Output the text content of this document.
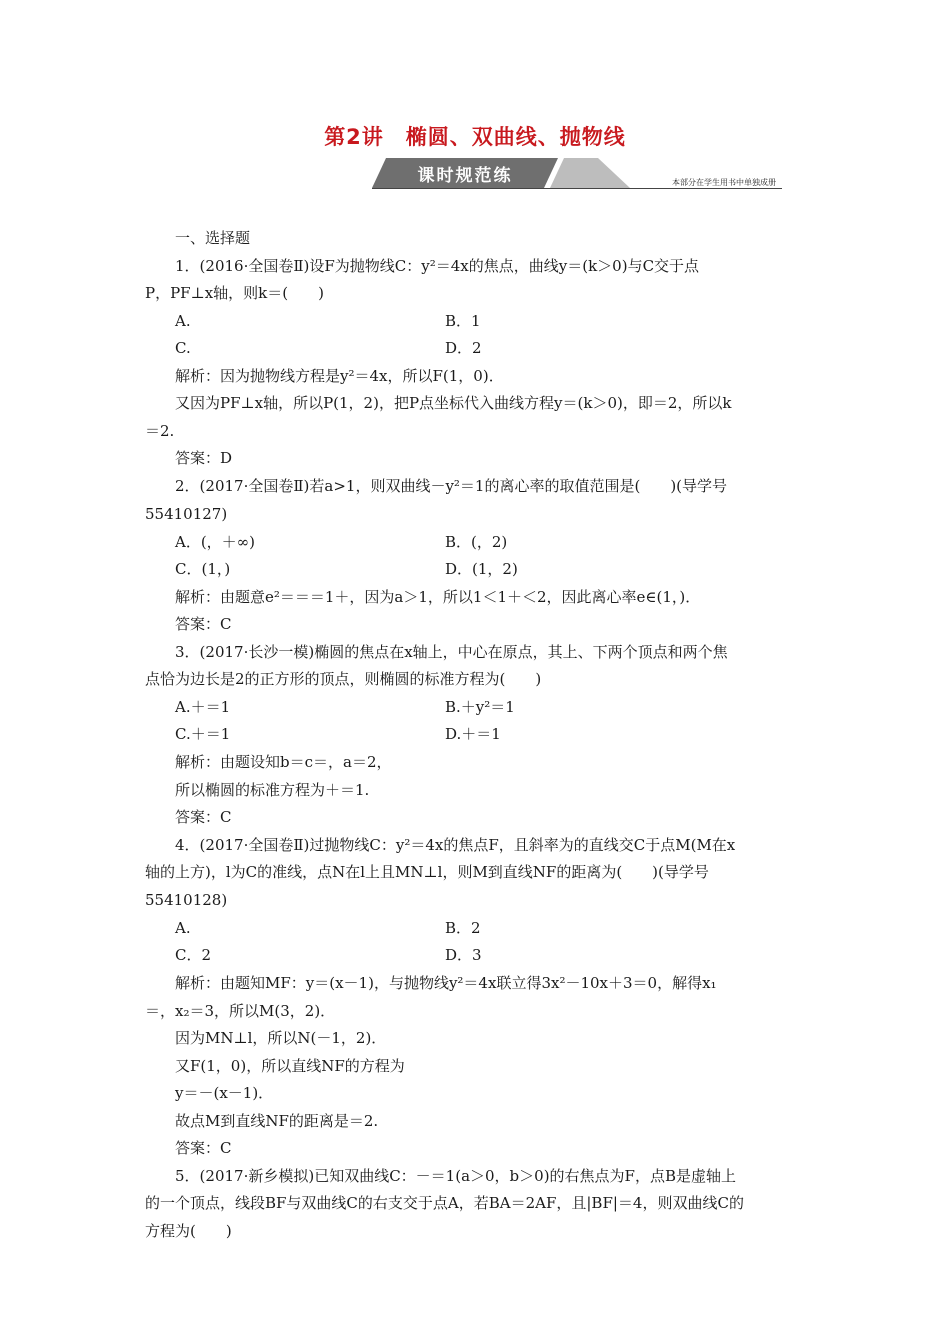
第2讲　椭圆、双曲线、抛物线
课时规范练	本部分在学生用书中单独成册
一、选择题
1．(2016·全国卷Ⅱ)设F为抛物线C：y²＝4x的焦点，曲线y＝(k＞0)与C交于点
P，PF⊥x轴，则k＝(　　)
A.	B．1
C.	D．2
解析：因为抛物线方程是y²＝4x，所以F(1，0)．
又因为PF⊥x轴，所以P(1，2)，把P点坐标代入曲线方程y＝(k＞0)，即＝2，所以k
＝2.
答案：D
2．(2017·全国卷Ⅱ)若a>1，则双曲线－y²＝1的离心率的取值范围是(　　)(导学号
55410127)
A．(，＋∞)	B．(，2)
C．(1，)	D．(1，2)
解析：由题意e²＝＝＝1＋，因为a＞1，所以1＜1＋＜2，因此离心率e∈(1，)．
答案：C
3．(2017·长沙一模)椭圆的焦点在x轴上，中心在原点，其上、下两个顶点和两个焦
点恰为边长是2的正方形的顶点，则椭圆的标准方程为(　　)
A.＋＝1	B.＋y²＝1
C.＋＝1	D.＋＝1
解析：由题设知b＝c＝，a＝2，
所以椭圆的标准方程为＋＝1.
答案：C
4．(2017·全国卷Ⅱ)过抛物线C：y²＝4x的焦点F，且斜率为的直线交C于点M(M在x
轴的上方)，l为C的准线，点N在l上且MN⊥l，则M到直线NF的距离为(　　)(导学号
55410128)
A.	B．2
C．2	D．3
解析：由题知MF：y＝(x－1)，与抛物线y²＝4x联立得3x²－10x＋3＝0，解得x₁
＝，x₂＝3，所以M(3，2)．
因为MN⊥l，所以N(－1，2)．
又F(1，0)，所以直线NF的方程为
y＝－(x－1)．
故点M到直线NF的距离是＝2.
答案：C
5．(2017·新乡模拟)已知双曲线C：－＝1(a＞0，b＞0)的右焦点为F，点B是虚轴上
的一个顶点，线段BF与双曲线C的右支交于点A，若BA＝2AF，且|BF|＝4，则双曲线C的
方程为(　　)
